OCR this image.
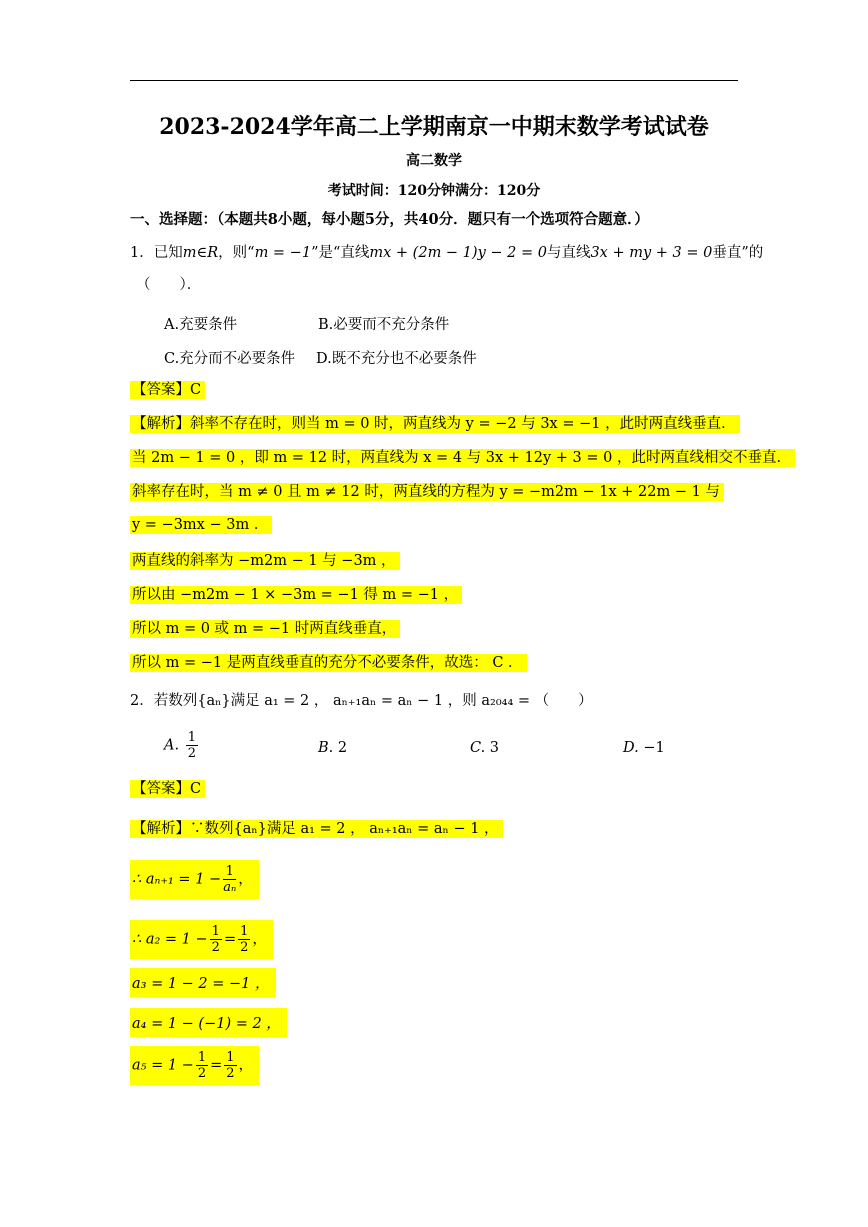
2023-2024学年高二上学期南京一中期末数学考试试卷
高二数学
考试时间：120分钟满分：120分
一、选择题：（本题共8小题，每小题5分，共40分．题只有一个选项符合题意．）
1．已知m∈R，则“m = −1”是“直线mx + (2m − 1)y − 2 = 0与直线3x + my + 3 = 0垂直”的
（　　）．
A.充要条件	B.必要而不充分条件
C.充分而不必要条件 D.既不充分也不必要条件
【答案】C
【解析】斜率不存在时，则当 m = 0 时，两直线为 y = −2 与 3x = −1 ，此时两直线垂直．
当 2m − 1 = 0 ，即 m = 12 时，两直线为 x = 4 与 3x + 12y + 3 = 0 ，此时两直线相交不垂直．
斜率存在时，当 m ≠ 0 且 m ≠ 12 时，两直线的方程为 y = −m2m − 1x + 22m − 1 与
y = −3mx − 3m ．
两直线的斜率为 −m2m − 1 与 −3m ，
所以由 −m2m − 1 × −3m = −1 得 m = −1 ，
所以 m = 0 或 m = −1 时两直线垂直，
所以 m = −1 是两直线垂直的充分不必要条件，故选： C ．
2．若数列{aₙ}满足 a₁ = 2 ， aₙ₊₁aₙ = aₙ − 1 ，则 a₂₀₄₄ = （　　）
A. $\frac{1}{2}$	B. 2	C. 3	D. −1
【答案】C
【解析】∵数列{aₙ}满足 a₁ = 2 ， aₙ₊₁aₙ = aₙ − 1 ，
∴ $a_{n+1} = 1 - \frac{1}{\text{aₙ}}$ ，
∴ $a_2 = 1 - \frac{1}{2} = \frac{1}{2}$ ，
a₃ = 1 − 2 = −1 ，
a₄ = 1 − (−1) = 2 ，
$a_5 = 1 - \frac{1}{2} = \frac{1}{2}$ ，
